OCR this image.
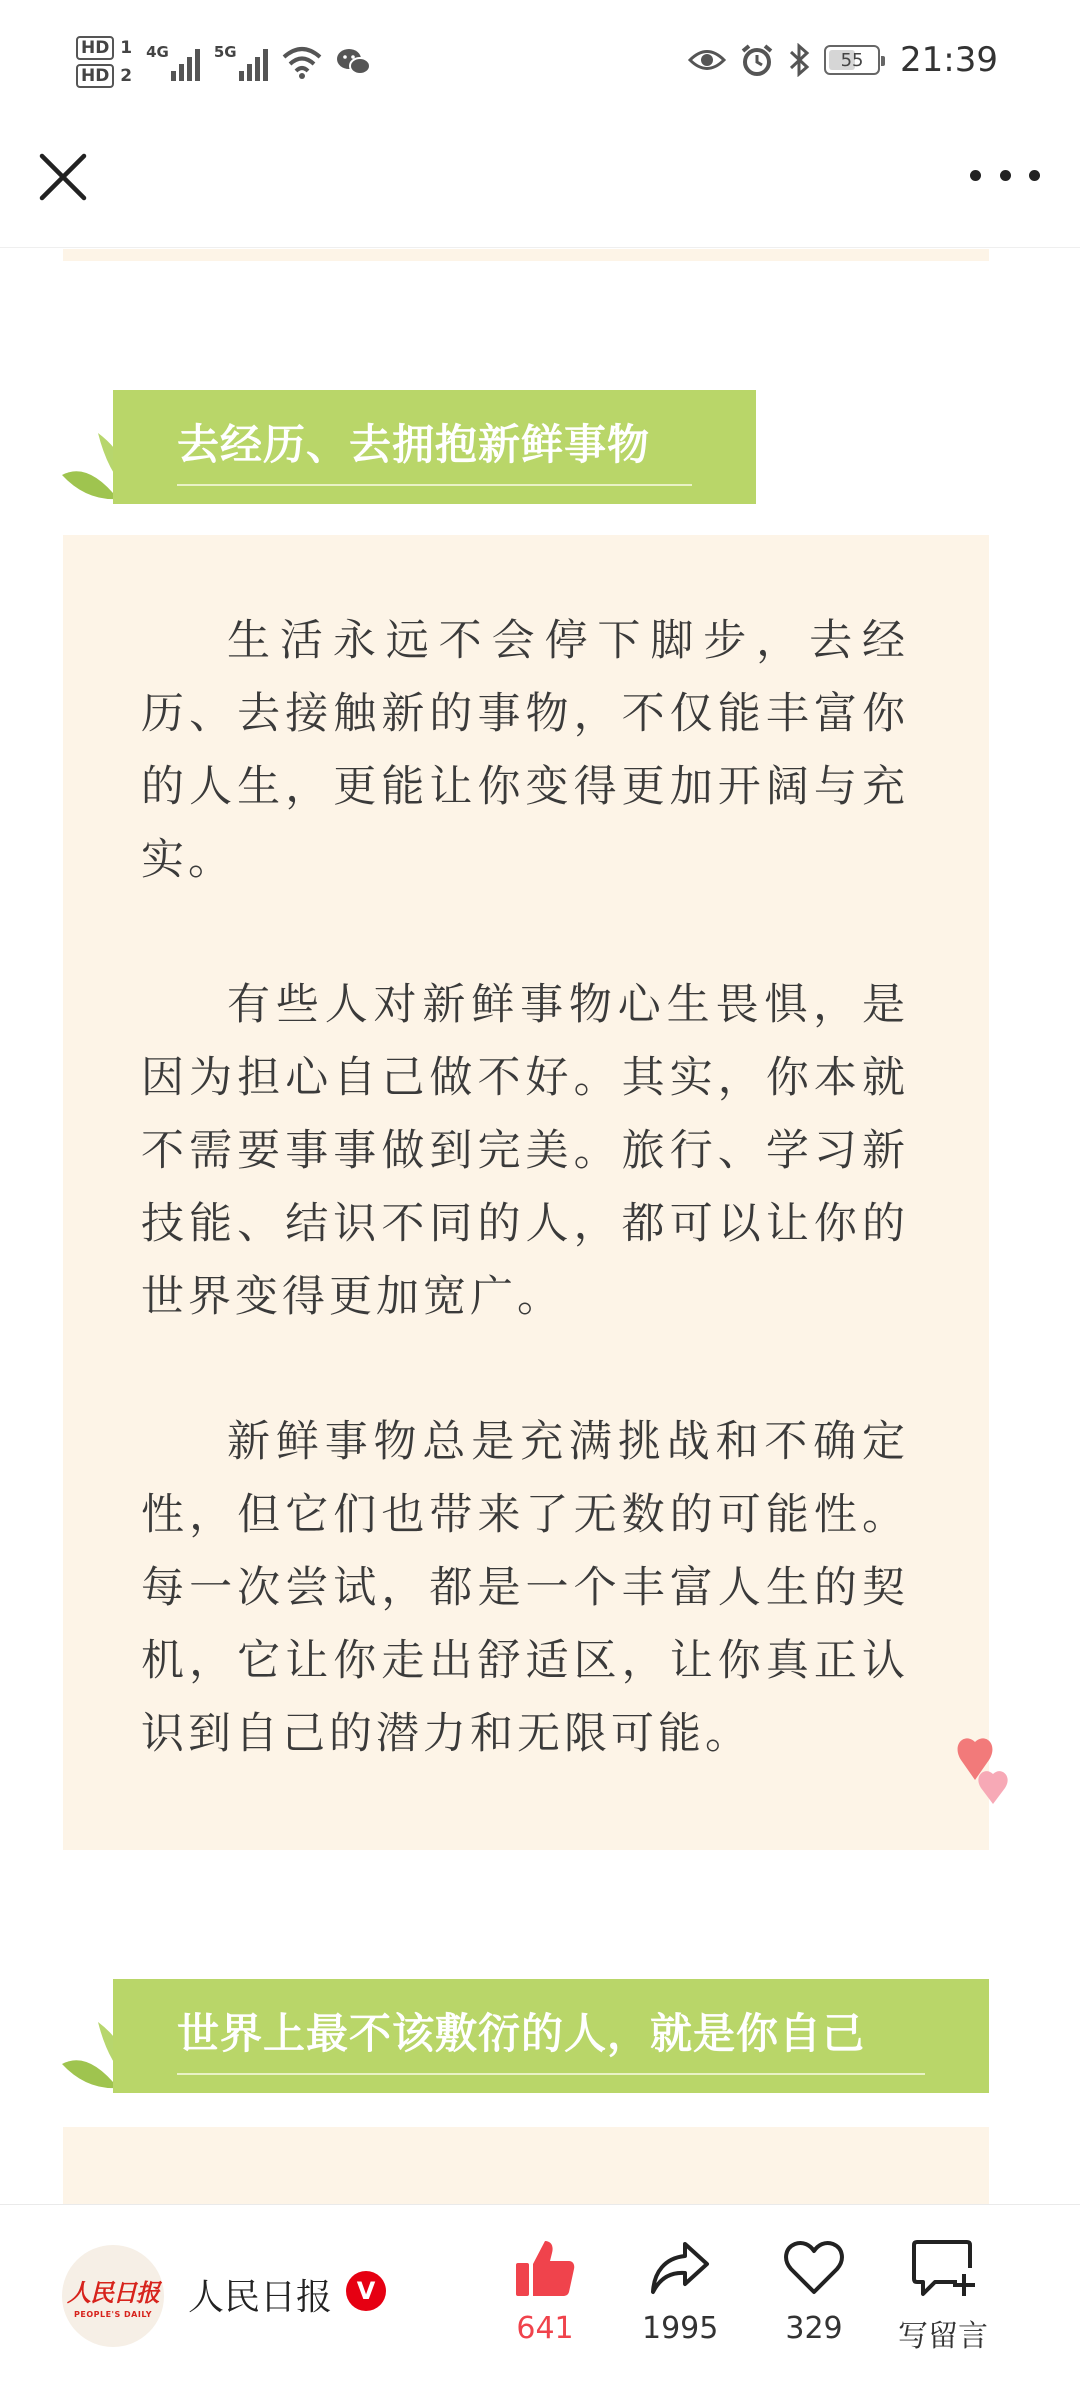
HD 1
HD 2
4G	5G	55 21:39
去经历、去拥抱新鲜事物

生活永远不会停下脚步，去经历、去接触新的事物，不仅能丰富你的人生，更能让你变得更加开阔与充实。

有些人对新鲜事物心生畏惧，是因为担心自己做不好。其实，你本就不需要事事做到完美。旅行、学习新技能、结识不同的人，都可以让你的世界变得更加宽广。

新鲜事物总是充满挑战和不确定性，但它们也带来了无数的可能性。每一次尝试，都是一个丰富人生的契机，它让你走出舒适区，让你真正认识到自己的潜力和无限可能。

世界上最不该敷衍的人，就是你自己
人民日报
PEOPLE'S DAILY 人民日报	V
641 1995 329 写留言
